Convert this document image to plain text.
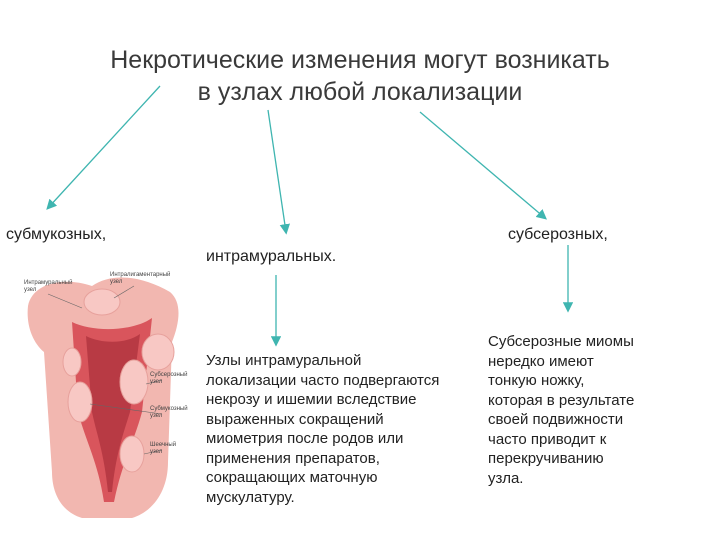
Некротические изменения могут возникать
в узлах любой локализации
субмукозных,
интрамуральных.
субсерозных,
Узлы интрамуральной
локализации часто подвергаются
некрозу и ишемии вследствие
выраженных сокращений
миометрия после родов или
применения препаратов,
сокращающих маточную
мускулатуру.
Субсерозные миомы
нередко имеют
тонкую ножку,
которая в результате
своей подвижности
часто приводит к
перекручиванию
узла.
Интрамуральный
узел
Интралигаментарный
узел
Субсерозный
узел
Субмукозный
узел
Шеечный
узел
